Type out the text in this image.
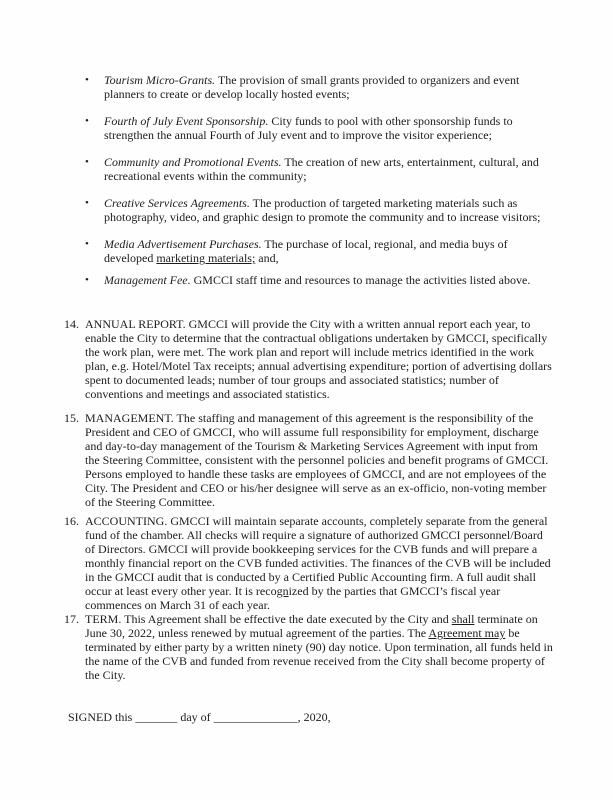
•	Tourism Micro-Grants. The provision of small grants provided to organizers and event planners to create or develop locally hosted events;
•	Fourth of July Event Sponsorship. City funds to pool with other sponsorship funds to strengthen the annual Fourth of July event and to improve the visitor experience;
•	Community and Promotional Events. The creation of new arts, entertainment, cultural, and recreational events within the community;
•	Creative Services Agreements. The production of targeted marketing materials such as photography, video, and graphic design to promote the community and to increase visitors;
•	Media Advertisement Purchases. The purchase of local, regional, and media buys of developed marketing materials; and,
•	Management Fee. GMCCI staff time and resources to manage the activities listed above.
14. ANNUAL REPORT. GMCCI will provide the City with a written annual report each year, to enable the City to determine that the contractual obligations undertaken by GMCCI, specifically the work plan, were met. The work plan and report will include metrics identified in the work plan, e.g. Hotel/Motel Tax receipts; annual advertising expenditure; portion of advertising dollars spent to documented leads; number of tour groups and associated statistics; number of conventions and meetings and associated statistics.
15. MANAGEMENT. The staffing and management of this agreement is the responsibility of the President and CEO of GMCCI, who will assume full responsibility for employment, discharge and day-to-day management of the Tourism & Marketing Services Agreement with input from the Steering Committee, consistent with the personnel policies and benefit programs of GMCCI. Persons employed to handle these tasks are employees of GMCCI, and are not employees of the City. The President and CEO or his/her designee will serve as an ex-officio, non-voting member of the Steering Committee.
16. ACCOUNTING. GMCCI will maintain separate accounts, completely separate from the general fund of the chamber. All checks will require a signature of authorized GMCCI personnel/Board of Directors. GMCCI will provide bookkeeping services for the CVB funds and will prepare a monthly financial report on the CVB funded activities. The finances of the CVB will be included in the GMCCI audit that is conducted by a Certified Public Accounting firm. A full audit shall occur at least every other year. It is recognized by the parties that GMCCI’s fiscal year commences on March 31 of each year.
17. TERM. This Agreement shall be effective the date executed by the City and shall terminate on June 30, 2022, unless renewed by mutual agreement of the parties. The Agreement may be terminated by either party by a written ninety (90) day notice. Upon termination, all funds held in the name of the CVB and funded from revenue received from the City shall become property of the City.

SIGNED this _______ day of ______________, 2020,
